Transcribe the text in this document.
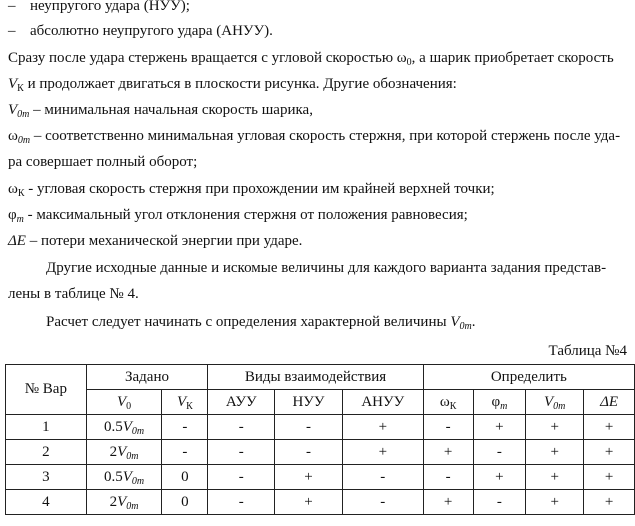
– неупругого удара (НУУ);
– абсолютно неупругого удара (АНУУ).
Сразу после удара стержень вращается с угловой скоростью $\omega_0$, а шарик приобретает скорость
$V_К$ и продолжает двигаться в плоскости рисунка. Другие обозначения:
$V_{0m}$ – минимальная начальная скорость шарика,
$\omega_{0m}$ – соответственно минимальная угловая скорость стержня, при которой стержень после уда-
ра совершает полный оборот;
$\omega_К$ - угловая скорость стержня при прохождении им крайней верхней точки;
$\varphi_m$ - максимальный угол отклонения стержня от положения равновесия;
ΔE – потери механической энергии при ударе.
Другие исходные данные и искомые величины для каждого варианта задания представ-
лены в таблице № 4.
Расчет следует начинать с определения характерной величины $V_{0m}$.
Таблица №4
№ Вар	Задано		Виды взаимодействия			Определить			
	$V_0$	$V_К$	АУУ	НУУ	АНУУ	$\omega_К$	$\varphi_m$	$V_{0m}$	ΔE
1	$0.5V_{0m}$	-	-	-	+	-	+	+	+
2	$2V_{0m}$	-	-	-	+	+	-	+	+
3	$0.5V_{0m}$	0	-	+	-	-	+	+	+
4	$2V_{0m}$	0	-	+	-	+	-	+	+
